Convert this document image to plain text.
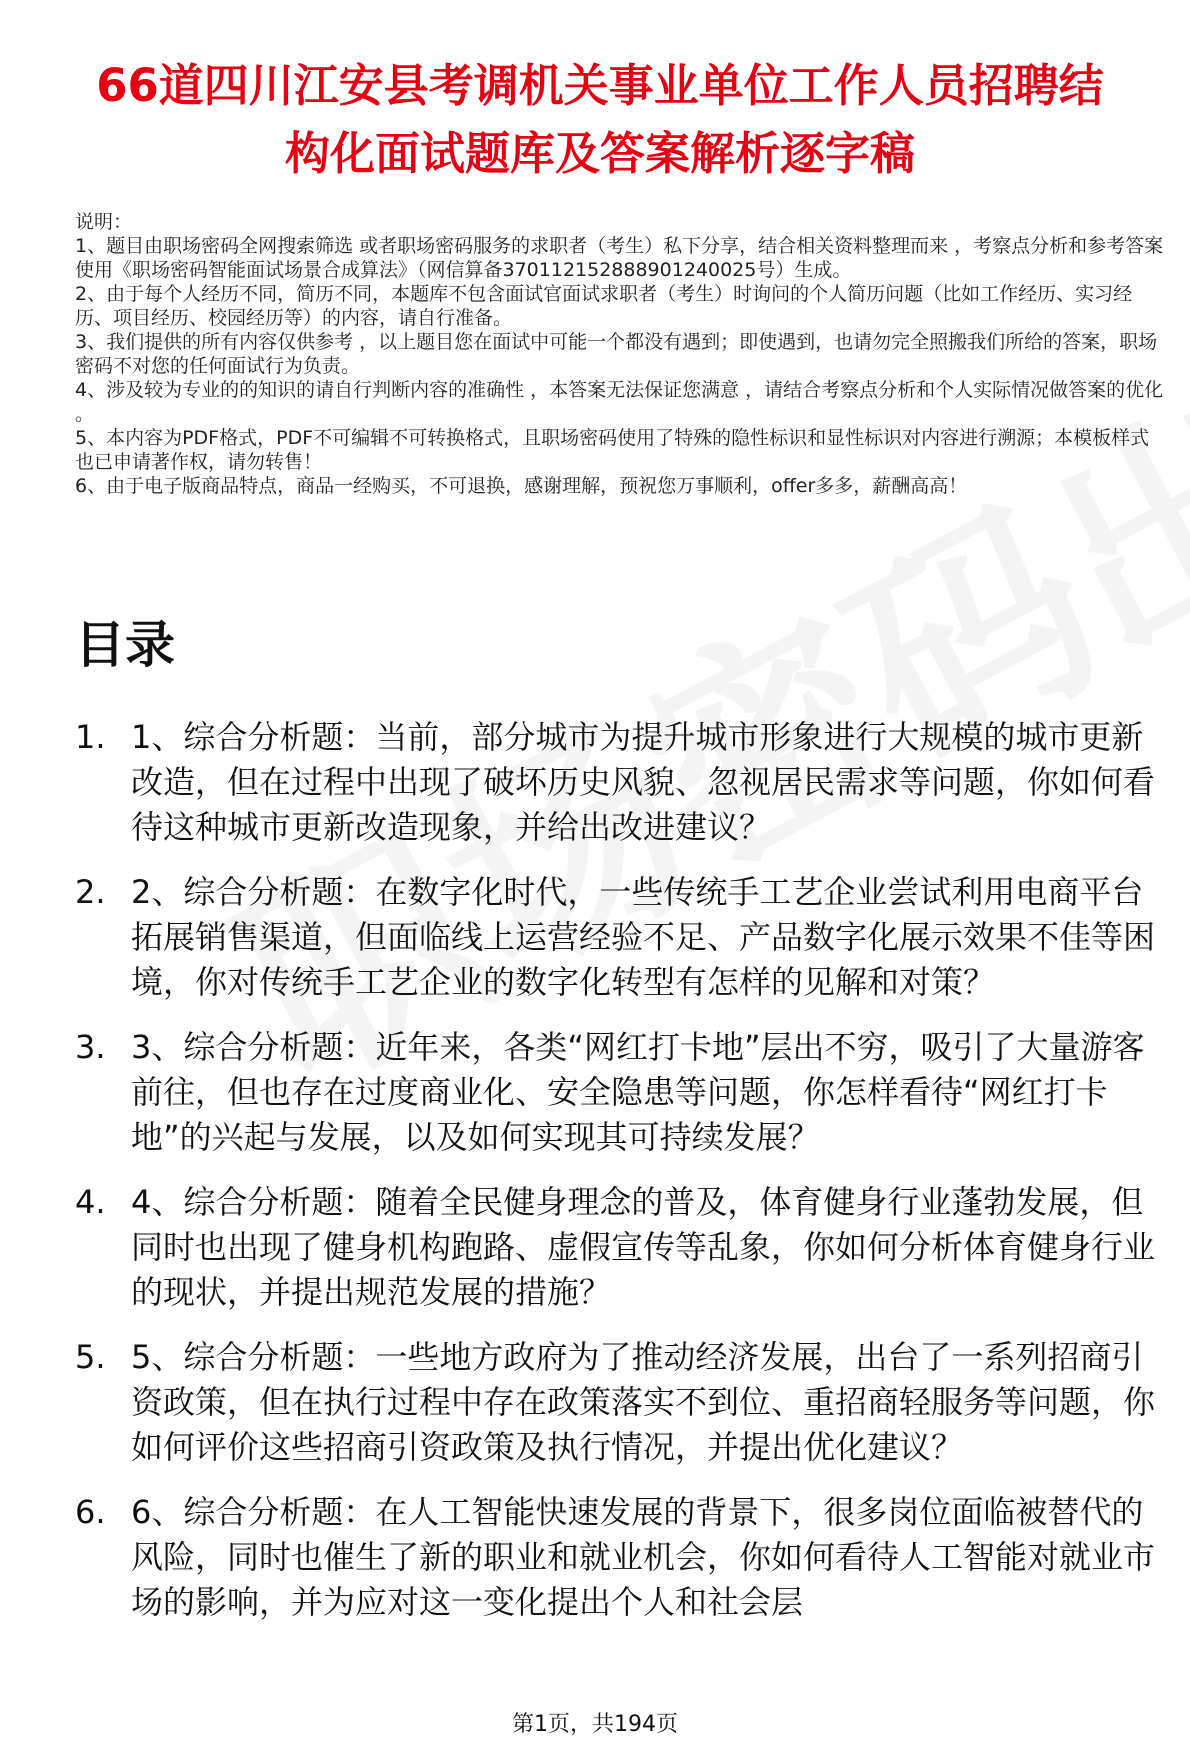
66道四川江安县考调机关事业单位工作人员招聘结构化面试题库及答案解析逐字稿

说明：

1、题目由职场密码全网搜索筛选 或者职场密码服务的求职者（考生）私下分享，结合相关资料整理而来 ，考察点分析和参考答案使用《职场密码智能面试场景合成算法》（网信算备370112152888901240025号）生成。

2、由于每个人经历不同，简历不同，本题库不包含面试官面试求职者（考生）时询问的个人简历问题（比如工作经历、实习经历、项目经历、校园经历等）的内容，请自行准备。

3、我们提供的所有内容仅供参考 ，以上题目您在面试中可能一个都没有遇到；即使遇到，也请勿完全照搬我们所给的答案，职场密码不对您的任何面试行为负责。

4、涉及较为专业的的知识的请自行判断内容的准确性 ，本答案无法保证您满意 ，请结合考察点分析和个人实际情况做答案的优化 。

5、本内容为PDF格式，PDF不可编辑不可转换格式，且职场密码使用了特殊的隐性标识和显性标识对内容进行溯源；本模板样式也已申请著作权，请勿转售！

6、由于电子版商品特点，商品一经购买，不可退换，感谢理解，预祝您万事顺利，offer多多，薪酬高高！

目录
1. 1、综合分析题：当前，部分城市为提升城市形象进行大规模的城市更新改造，但在过程中出现了破坏历史风貌、忽视居民需求等问题，你如何看待这种城市更新改造现象，并给出改进建议？
2. 2、综合分析题：在数字化时代，一些传统手工艺企业尝试利用电商平台拓展销售渠道，但面临线上运营经验不足、产品数字化展示效果不佳等困境，你对传统手工艺企业的数字化转型有怎样的见解和对策？
3. 3、综合分析题：近年来，各类“网红打卡地”层出不穷，吸引了大量游客前往，但也存在过度商业化、安全隐患等问题，你怎样看待“网红打卡地”的兴起与发展，以及如何实现其可持续发展？
4. 4、综合分析题：随着全民健身理念的普及，体育健身行业蓬勃发展，但同时也出现了健身机构跑路、虚假宣传等乱象，你如何分析体育健身行业的现状，并提出规范发展的措施？
5. 5、综合分析题：一些地方政府为了推动经济发展，出台了一系列招商引资政策，但在执行过程中存在政策落实不到位、重招商轻服务等问题，你如何评价这些招商引资政策及执行情况，并提出优化建议？
6. 6、综合分析题：在人工智能快速发展的背景下，很多岗位面临被替代的风险，同时也催生了新的职业和就业机会，你如何看待人工智能对就业市场的影响，并为应对这一变化提出个人和社会层
第1页，共194页
